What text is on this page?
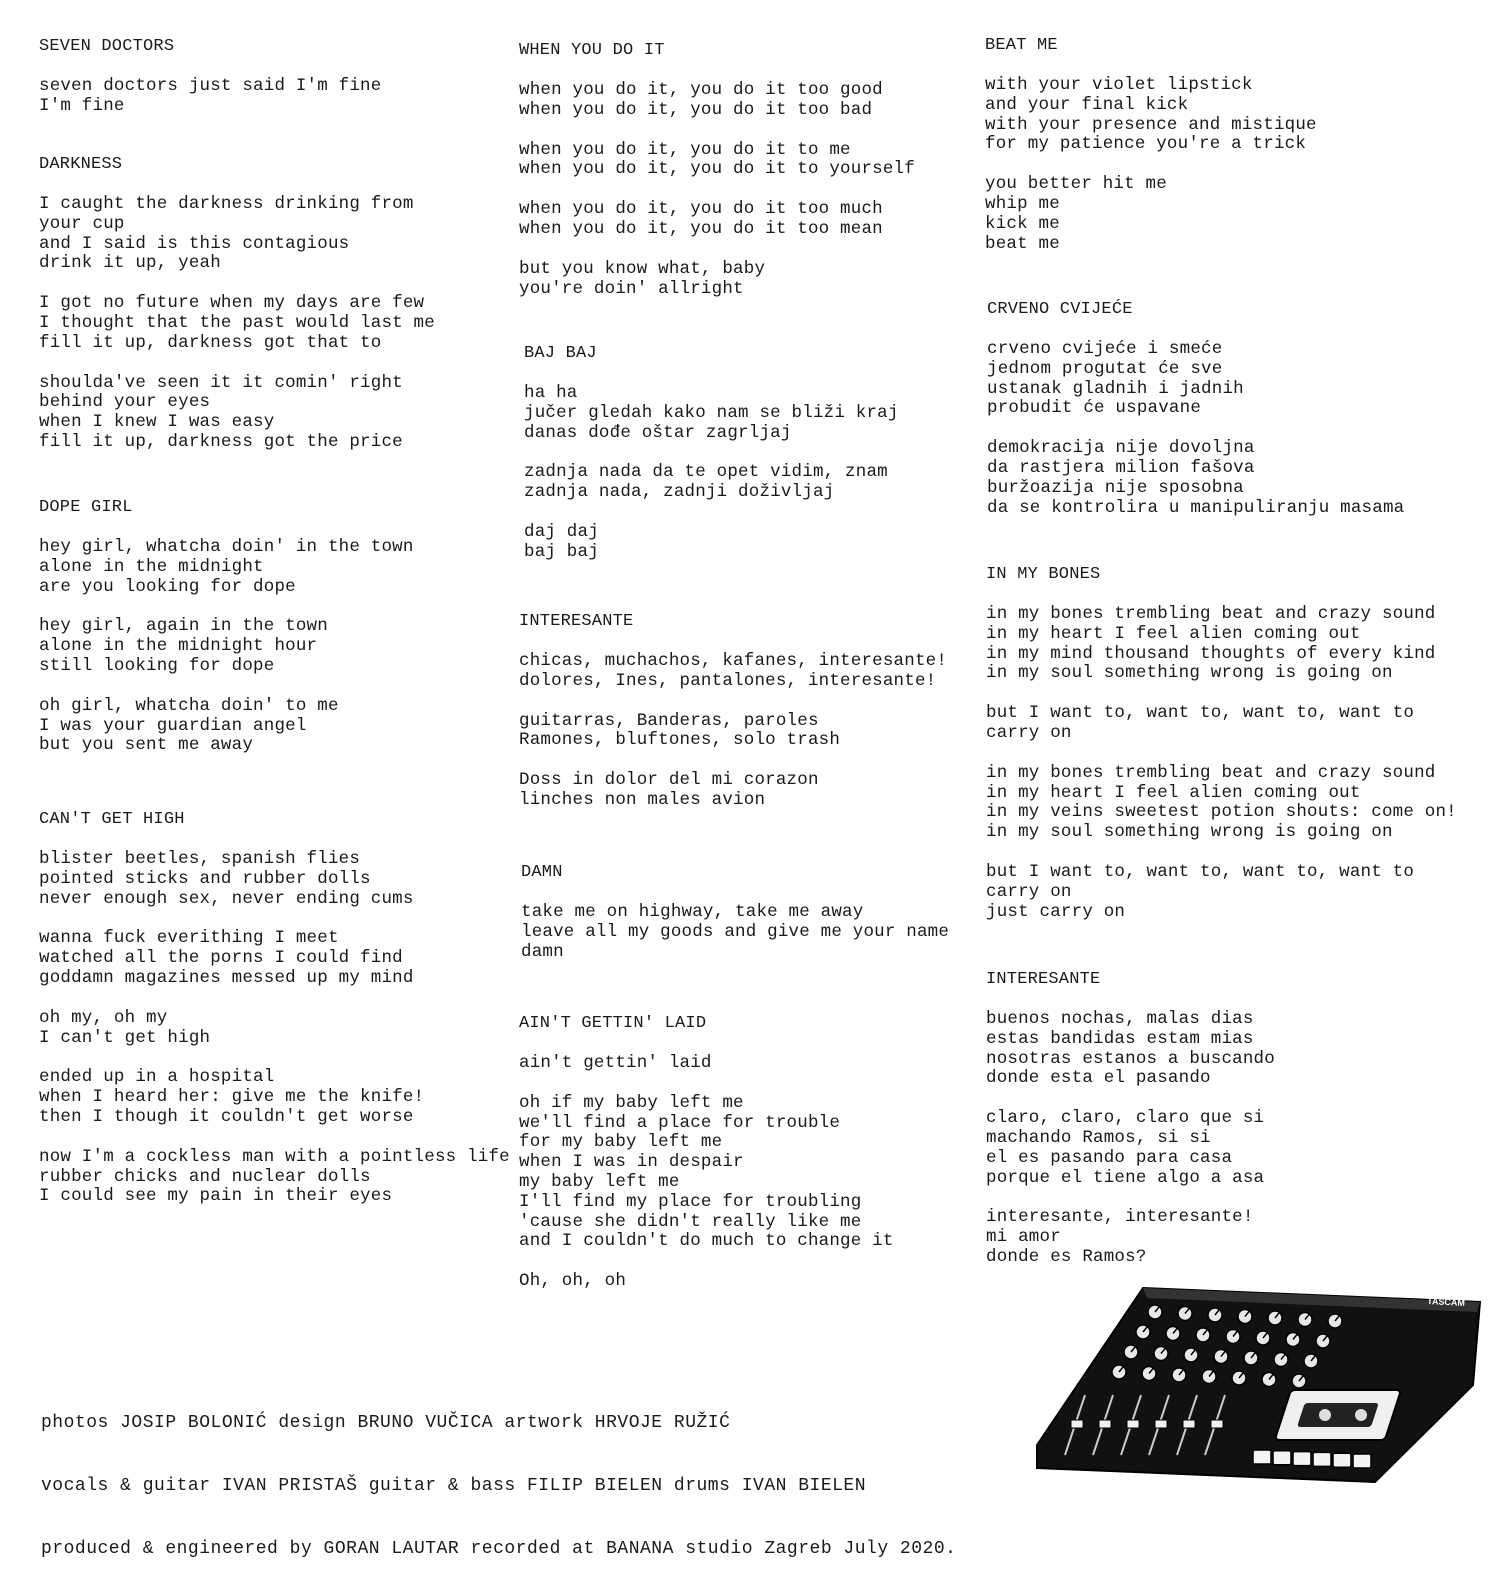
SEVEN DOCTORS
seven doctors just said I'm fine
I'm fine
DARKNESS
I caught the darkness drinking from
your cup
and I said is this contagious
drink it up, yeah
I got no future when my days are few
I thought that the past would last me
fill it up, darkness got that to
shoulda've seen it it comin' right
behind your eyes
when I knew I was easy
fill it up, darkness got the price
DOPE GIRL
hey girl, whatcha doin' in the town
alone in the midnight
are you looking for dope
hey girl, again in the town
alone in the midnight hour
still looking for dope
oh girl, whatcha doin' to me
I was your guardian angel
but you sent me away
CAN'T GET HIGH
blister beetles, spanish flies
pointed sticks and rubber dolls
never enough sex, never ending cums
wanna fuck everithing I meet
watched all the porns I could find
goddamn magazines messed up my mind
oh my, oh my
I can't get high
ended up in a hospital
when I heard her: give me the knife!
then I though it couldn't get worse
now I'm a cockless man with a pointless life
rubber chicks and nuclear dolls
I could see my pain in their eyes
WHEN YOU DO IT
when you do it, you do it too good
when you do it, you do it too bad
when you do it, you do it to me
when you do it, you do it to yourself
when you do it, you do it too much
when you do it, you do it too mean
but you know what, baby
you're doin' allright
BAJ BAJ
ha ha
jučer gledah kako nam se bliži kraj
danas dođe oštar zagrljaj
zadnja nada da te opet vidim, znam
zadnja nada, zadnji doživljaj
daj daj
baj baj
INTERESANTE
chicas, muchachos, kafanes, interesante!
dolores, Ines, pantalones, interesante!
guitarras, Banderas, paroles
Ramones, bluftones, solo trash
Doss in dolor del mi corazon
linches non males avion
DAMN
take me on highway, take me away
leave all my goods and give me your name
damn
AIN'T GETTIN' LAID
ain't gettin' laid
oh if my baby left me
we'll find a place for trouble
for my baby left me
when I was in despair
my baby left me
I'll find my place for troubling
'cause she didn't really like me
and I couldn't do much to change it
Oh, oh, oh
BEAT ME
with your violet lipstick
and your final kick
with your presence and mistique
for my patience you're a trick
you better hit me
whip me
kick me
beat me
CRVENO CVIJEĆE
crveno cvijeće i smeće
jednom progutat će sve
ustanak gladnih i jadnih
probudit će uspavane
demokracija nije dovoljna
da rastjera milion fašova
buržoazija nije sposobna
da se kontrolira u manipuliranju masama
IN MY BONES
in my bones trembling beat and crazy sound
in my heart I feel alien coming out
in my mind thousand thoughts of every kind
in my soul something wrong is going on
but I want to, want to, want to, want to
carry on
in my bones trembling beat and crazy sound
in my heart I feel alien coming out
in my veins sweetest potion shouts: come on!
in my soul something wrong is going on
but I want to, want to, want to, want to
carry on
just carry on
INTERESANTE
buenos nochas, malas dias
estas bandidas estam mias
nosotras estanos a buscando
donde esta el pasando
claro, claro, claro que si
machando Ramos, si si
el es pasando para casa
porque el tiene algo a asa
interesante, interesante!
mi amor
donde es Ramos?

photos JOSIP BOLONIĆ design BRUNO VUČICA artwork HRVOJE RUŽIĆ

vocals & guitar IVAN PRISTAŠ guitar & bass FILIP BIELEN drums IVAN BIELEN

produced & engineered by GORAN LAUTAR recorded at BANANA studio Zagreb July 2020.

TASCAM
